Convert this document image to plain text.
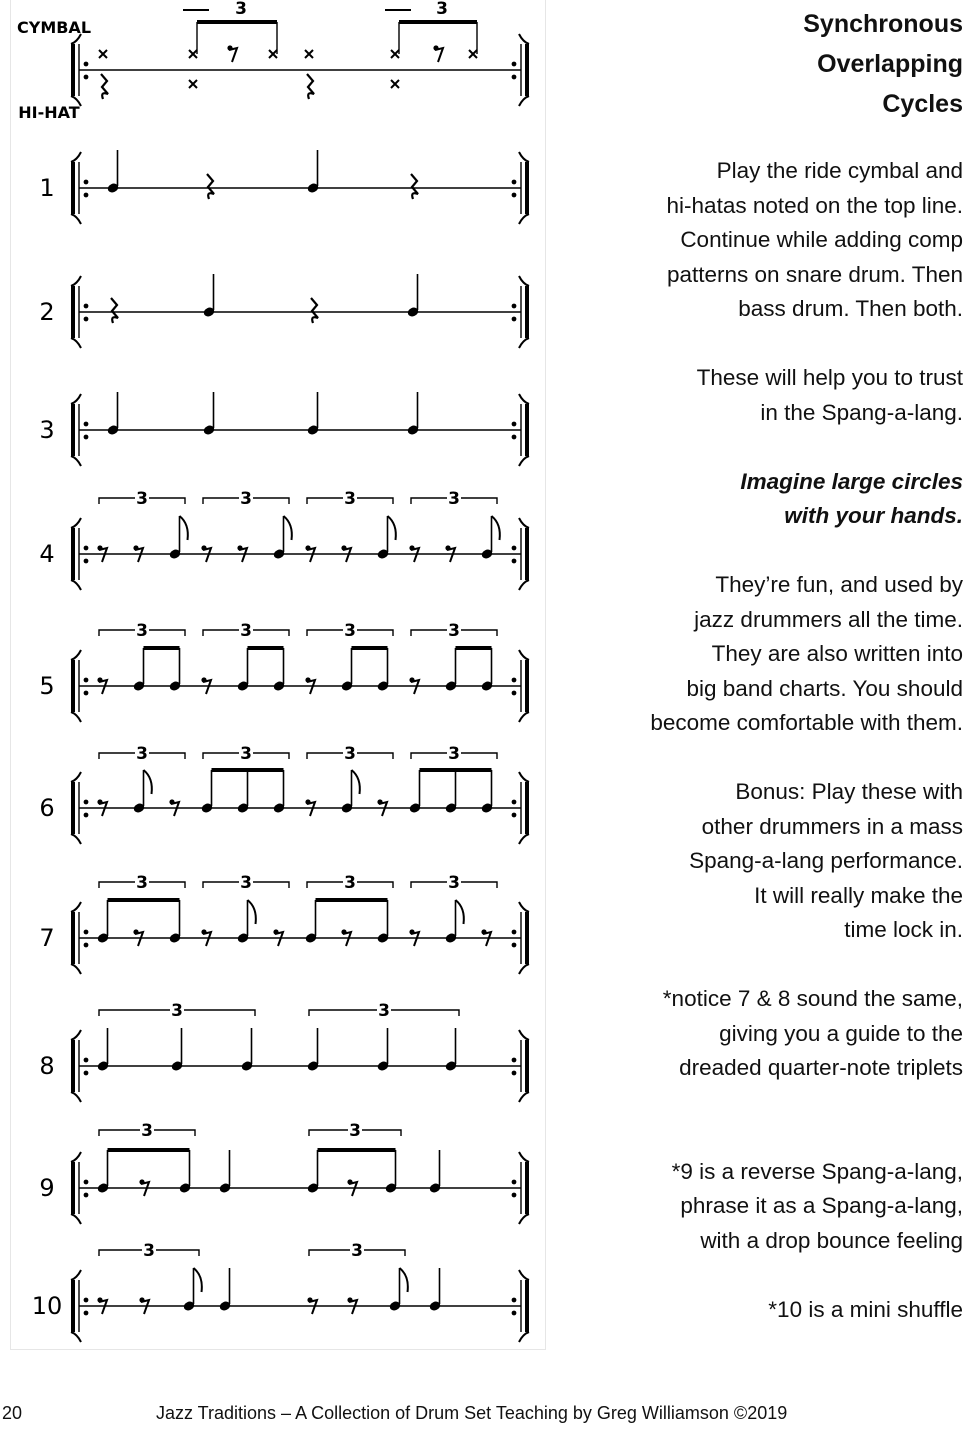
CYMBAL
HI-HAT
3	3
1
2
3
4
5
6
7
8
9
10
3	3	3	3
3	3	3	3
3	3	3	3
3	3	3	3
3	3
3	3
3	3
Synchronous
Overlapping
Cycles

Play the ride cymbal and
hi-hatas noted on the top line.
Continue while adding comp
patterns on snare drum. Then
bass drum. Then both.

These will help you to trust
in the Spang-a-lang.

Imagine large circles
with your hands.

They’re fun, and used by
jazz drummers all the time.
They are also written into
big band charts. You should
become comfortable with them.

Bonus: Play these with
other drummers in a mass
Spang-a-lang performance.
It will really make the
time lock in.

*notice 7 & 8 sound the same,
giving you a guide to the
dreaded quarter-note triplets

*9 is a reverse Spang-a-lang,
phrase it as a Spang-a-lang,
with a drop bounce feeling

*10 is a mini shuffle

20	Jazz Traditions – A Collection of Drum Set Teaching by Greg Williamson ©2019
